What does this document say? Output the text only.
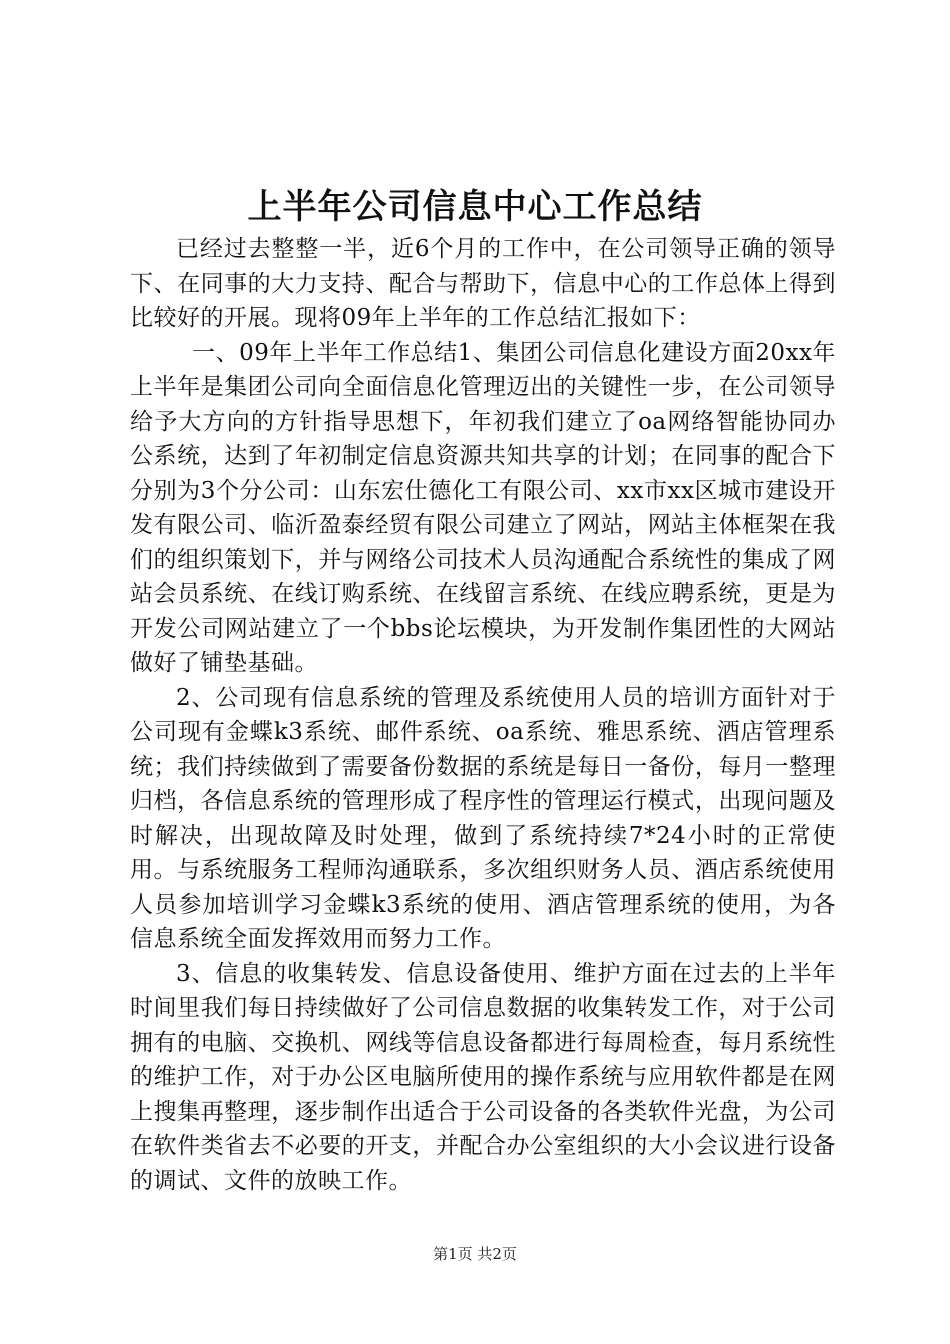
上半年公司信息中心工作总结

已经过去整整一半，近6个月的工作中，在公司领导正确的领导下、在同事的大力支持、配合与帮助下，信息中心的工作总体上得到比较好的开展。现将09年上半年的工作总结汇报如下：

一、09年上半年工作总结1、集团公司信息化建设方面20xx年上半年是集团公司向全面信息化管理迈出的关键性一步，在公司领导给予大方向的方针指导思想下，年初我们建立了oa网络智能协同办公系统，达到了年初制定信息资源共知共享的计划；在同事的配合下分别为3个分公司：山东宏仕德化工有限公司、xx市xx区城市建设开发有限公司、临沂盈泰经贸有限公司建立了网站，网站主体框架在我们的组织策划下，并与网络公司技术人员沟通配合系统性的集成了网站会员系统、在线订购系统、在线留言系统、在线应聘系统，更是为开发公司网站建立了一个bbs论坛模块，为开发制作集团性的大网站做好了铺垫基础。

2、公司现有信息系统的管理及系统使用人员的培训方面针对于公司现有金蝶k3系统、邮件系统、oa系统、雅思系统、酒店管理系统；我们持续做到了需要备份数据的系统是每日一备份，每月一整理归档，各信息系统的管理形成了程序性的管理运行模式，出现问题及时解决，出现故障及时处理，做到了系统持续7*24小时的正常使用。与系统服务工程师沟通联系，多次组织财务人员、酒店系统使用人员参加培训学习金蝶k3系统的使用、酒店管理系统的使用，为各信息系统全面发挥效用而努力工作。

3、信息的收集转发、信息设备使用、维护方面在过去的上半年时间里我们每日持续做好了公司信息数据的收集转发工作，对于公司拥有的电脑、交换机、网线等信息设备都进行每周检查，每月系统性的维护工作，对于办公区电脑所使用的操作系统与应用软件都是在网上搜集再整理，逐步制作出适合于公司设备的各类软件光盘，为公司在软件类省去不必要的开支，并配合办公室组织的大小会议进行设备的调试、文件的放映工作。

第1页 共2页
